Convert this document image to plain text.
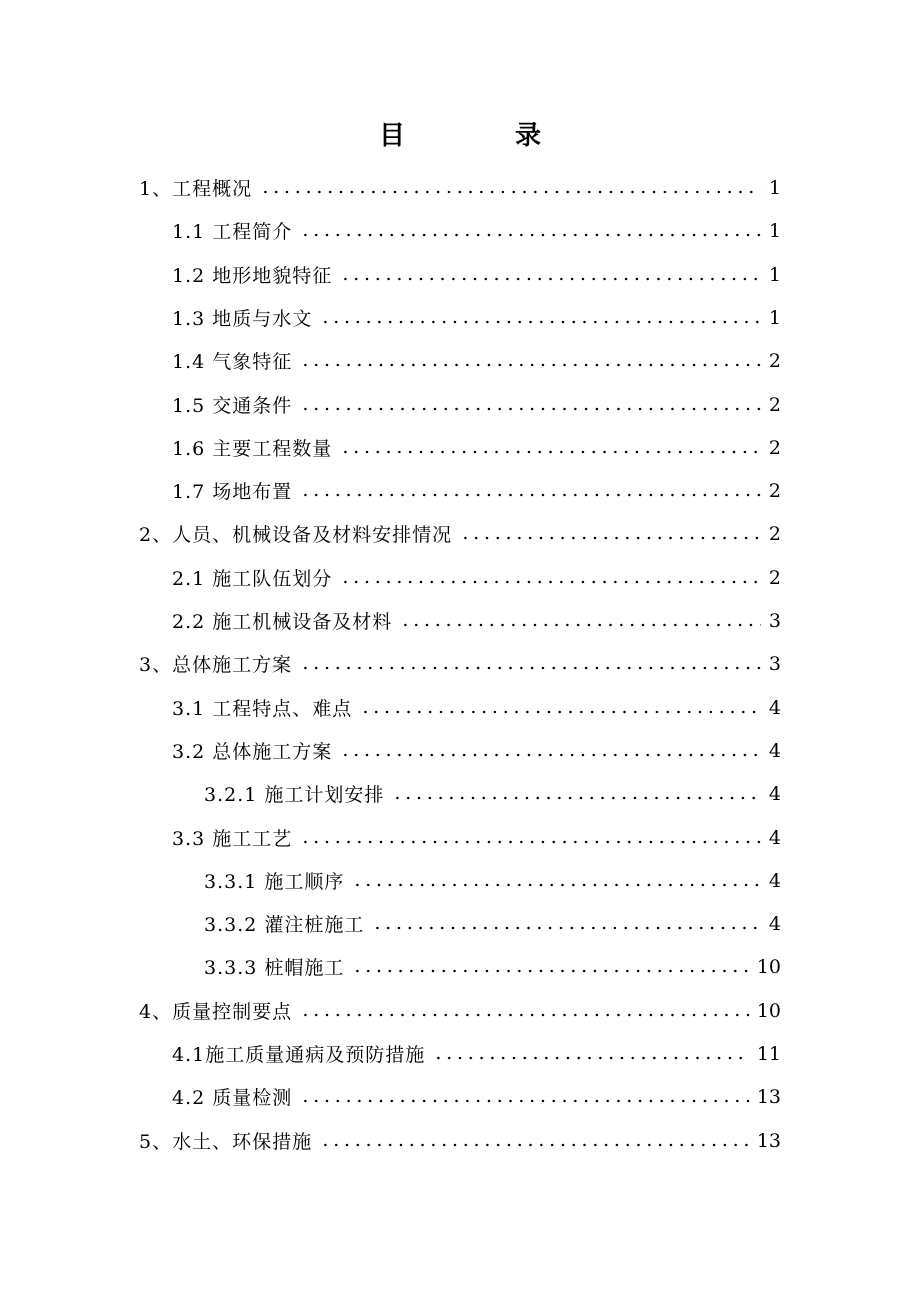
目　录
1、工程概况	1
1.1 工程简介	1
1.2 地形地貌特征	1
1.3 地质与水文	1
1.4 气象特征	2
1.5 交通条件	2
1.6 主要工程数量	2
1.7 场地布置	2
2、人员、机械设备及材料安排情况	2
2.1 施工队伍划分	2
2.2 施工机械设备及材料	3
3、总体施工方案	3
3.1 工程特点、难点	4
3.2 总体施工方案	4
3.2.1 施工计划安排	4
3.3 施工工艺	4
3.3.1 施工顺序	4
3.3.2 灌注桩施工	4
3.3.3 桩帽施工	10
4、质量控制要点	10
4.1施工质量通病及预防措施	11
4.2 质量检测	13
5、水土、环保措施	13
